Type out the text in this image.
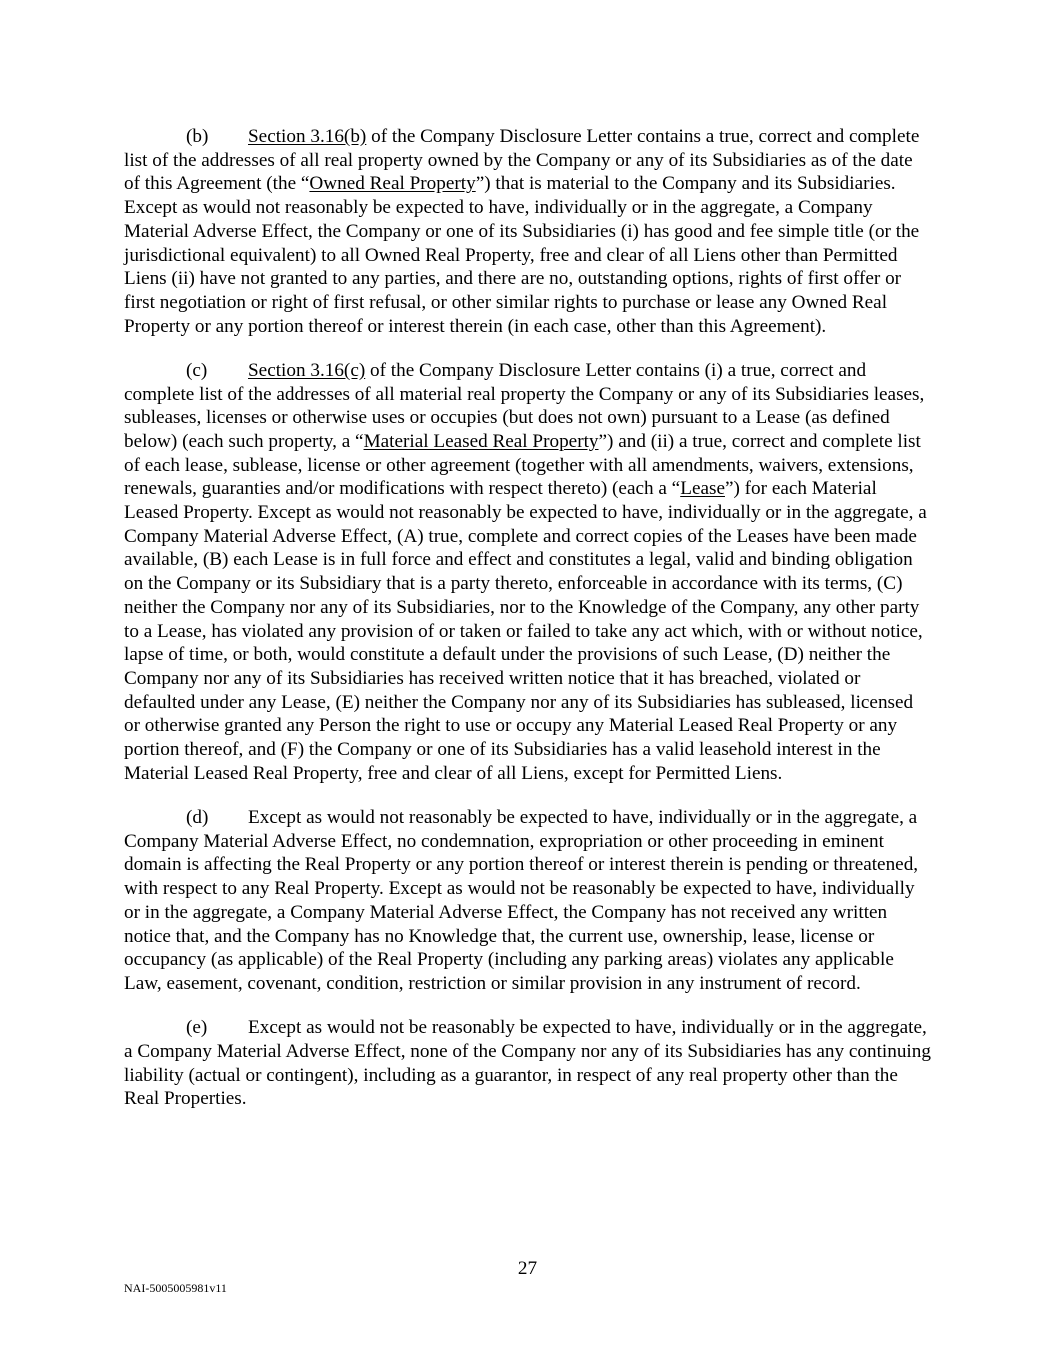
(b) Section 3.16(b) of the Company Disclosure Letter contains a true, correct and complete list of the addresses of all real property owned by the Company or any of its Subsidiaries as of the date of this Agreement (the “Owned Real Property”) that is material to the Company and its Subsidiaries. Except as would not reasonably be expected to have, individually or in the aggregate, a Company Material Adverse Effect, the Company or one of its Subsidiaries (i) has good and fee simple title (or the jurisdictional equivalent) to all Owned Real Property, free and clear of all Liens other than Permitted Liens (ii) have not granted to any parties, and there are no, outstanding options, rights of first offer or first negotiation or right of first refusal, or other similar rights to purchase or lease any Owned Real Property or any portion thereof or interest therein (in each case, other than this Agreement).

(c) Section 3.16(c) of the Company Disclosure Letter contains (i) a true, correct and complete list of the addresses of all material real property the Company or any of its Subsidiaries leases, subleases, licenses or otherwise uses or occupies (but does not own) pursuant to a Lease (as defined below) (each such property, a “Material Leased Real Property”) and (ii) a true, correct and complete list of each lease, sublease, license or other agreement (together with all amendments, waivers, extensions, renewals, guaranties and/or modifications with respect thereto) (each a “Lease”) for each Material Leased Property. Except as would not reasonably be expected to have, individually or in the aggregate, a Company Material Adverse Effect, (A) true, complete and correct copies of the Leases have been made available, (B) each Lease is in full force and effect and constitutes a legal, valid and binding obligation on the Company or its Subsidiary that is a party thereto, enforceable in accordance with its terms, (C) neither the Company nor any of its Subsidiaries, nor to the Knowledge of the Company, any other party to a Lease, has violated any provision of or taken or failed to take any act which, with or without notice, lapse of time, or both, would constitute a default under the provisions of such Lease, (D) neither the Company nor any of its Subsidiaries has received written notice that it has breached, violated or defaulted under any Lease, (E) neither the Company nor any of its Subsidiaries has subleased, licensed or otherwise granted any Person the right to use or occupy any Material Leased Real Property or any portion thereof, and (F) the Company or one of its Subsidiaries has a valid leasehold interest in the Material Leased Real Property, free and clear of all Liens, except for Permitted Liens.

(d) Except as would not reasonably be expected to have, individually or in the aggregate, a Company Material Adverse Effect, no condemnation, expropriation or other proceeding in eminent domain is affecting the Real Property or any portion thereof or interest therein is pending or threatened, with respect to any Real Property. Except as would not be reasonably be expected to have, individually or in the aggregate, a Company Material Adverse Effect, the Company has not received any written notice that, and the Company has no Knowledge that, the current use, ownership, lease, license or occupancy (as applicable) of the Real Property (including any parking areas) violates any applicable Law, easement, covenant, condition, restriction or similar provision in any instrument of record.

(e) Except as would not be reasonably be expected to have, individually or in the aggregate, a Company Material Adverse Effect, none of the Company nor any of its Subsidiaries has any continuing liability (actual or contingent), including as a guarantor, in respect of any real property other than the Real Properties.

27
NAI-5005005981v11
